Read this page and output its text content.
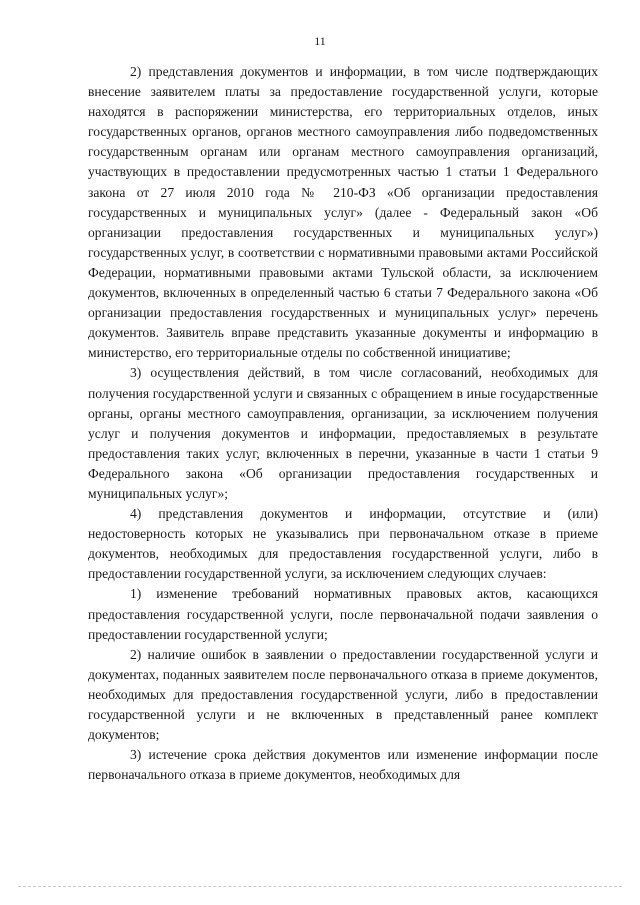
11

2) представления документов и информации, в том числе подтверждающих внесение заявителем платы за предоставление государственной услуги, которые находятся в распоряжении министерства, его территориальных отделов, иных государственных органов, органов местного самоуправления либо подведомственных государственным органам или органам местного самоуправления организаций, участвующих в предоставлении предусмотренных частью 1 статьи 1 Федерального закона от 27 июля 2010 года № 210-ФЗ «Об организации предоставления государственных и муниципальных услуг» (далее - Федеральный закон «Об организации предоставления государственных и муниципальных услуг») государственных услуг, в соответствии с нормативными правовыми актами Российской Федерации, нормативными правовыми актами Тульской области, за исключением документов, включенных в определенный частью 6 статьи 7 Федерального закона «Об организации предоставления государственных и муниципальных услуг» перечень документов. Заявитель вправе представить указанные документы и информацию в министерство, его территориальные отделы по собственной инициативе;

3) осуществления действий, в том числе согласований, необходимых для получения государственной услуги и связанных с обращением в иные государственные органы, органы местного самоуправления, организации, за исключением получения услуг и получения документов и информации, предоставляемых в результате предоставления таких услуг, включенных в перечни, указанные в части 1 статьи 9 Федерального закона «Об организации предоставления государственных и муниципальных услуг»;

4) представления документов и информации, отсутствие и (или) недостоверность которых не указывались при первоначальном отказе в приеме документов, необходимых для предоставления государственной услуги, либо в предоставлении государственной услуги, за исключением следующих случаев:

1) изменение требований нормативных правовых актов, касающихся предоставления государственной услуги, после первоначальной подачи заявления о предоставлении государственной услуги;

2) наличие ошибок в заявлении о предоставлении государственной услуги и документах, поданных заявителем после первоначального отказа в приеме документов, необходимых для предоставления государственной услуги, либо в предоставлении государственной услуги и не включенных в представленный ранее комплект документов;

3) истечение срока действия документов или изменение информации после первоначального отказа в приеме документов, необходимых для
